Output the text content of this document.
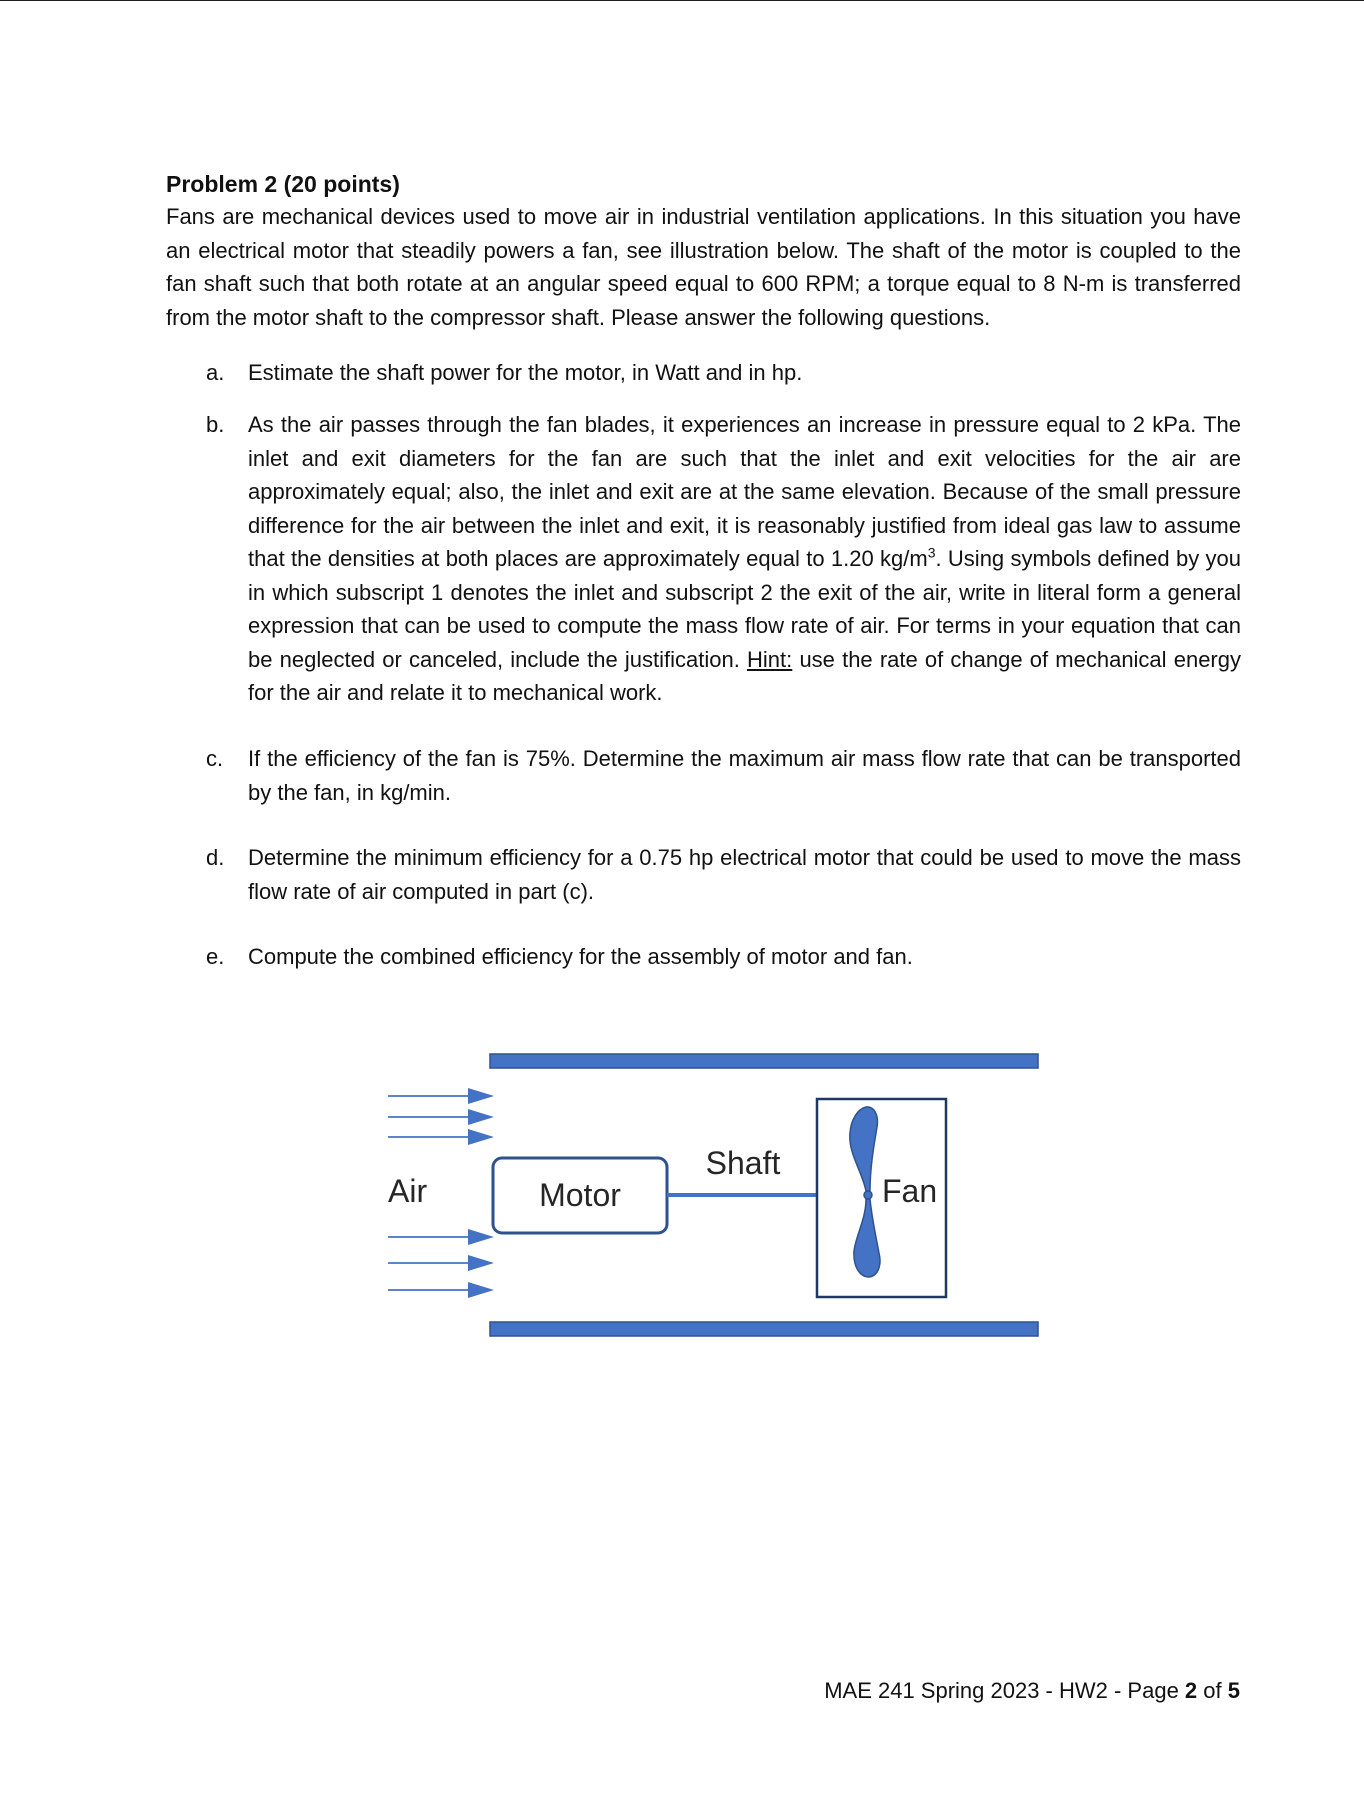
Problem 2 (20 points)

Fans are mechanical devices used to move air in industrial ventilation applications. In this situation you have an electrical motor that steadily powers a fan, see illustration below. The shaft of the motor is coupled to the fan shaft such that both rotate at an angular speed equal to 600 RPM; a torque equal to 8 N-m is transferred from the motor shaft to the compressor shaft. Please answer the following questions.

a. Estimate the shaft power for the motor, in Watt and in hp.
b. As the air passes through the fan blades, it experiences an increase in pressure equal to 2 kPa. The inlet and exit diameters for the fan are such that the inlet and exit velocities for the air are approximately equal; also, the inlet and exit are at the same elevation. Because of the small pressure difference for the air between the inlet and exit, it is reasonably justified from ideal gas law to assume that the densities at both places are approximately equal to 1.20 $kg/m^3$. Using symbols defined by you in which subscript 1 denotes the inlet and subscript 2 the exit of the air, write in literal form a general expression that can be used to compute the mass flow rate of air. For terms in your equation that can be neglected or canceled, include the justification. Hint: use the rate of change of mechanical energy for the air and relate it to mechanical work.
c. If the efficiency of the fan is 75%. Determine the maximum air mass flow rate that can be transported by the fan, in kg/min.
d. Determine the minimum efficiency for a 0.75 hp electrical motor that could be used to move the mass flow rate of air computed in part (c).
e. Compute the combined efficiency for the assembly of motor and fan.
Air	Motor
Shaft
Fan
MAE 241 Spring 2023 - HW2 - Page 2 of 5
